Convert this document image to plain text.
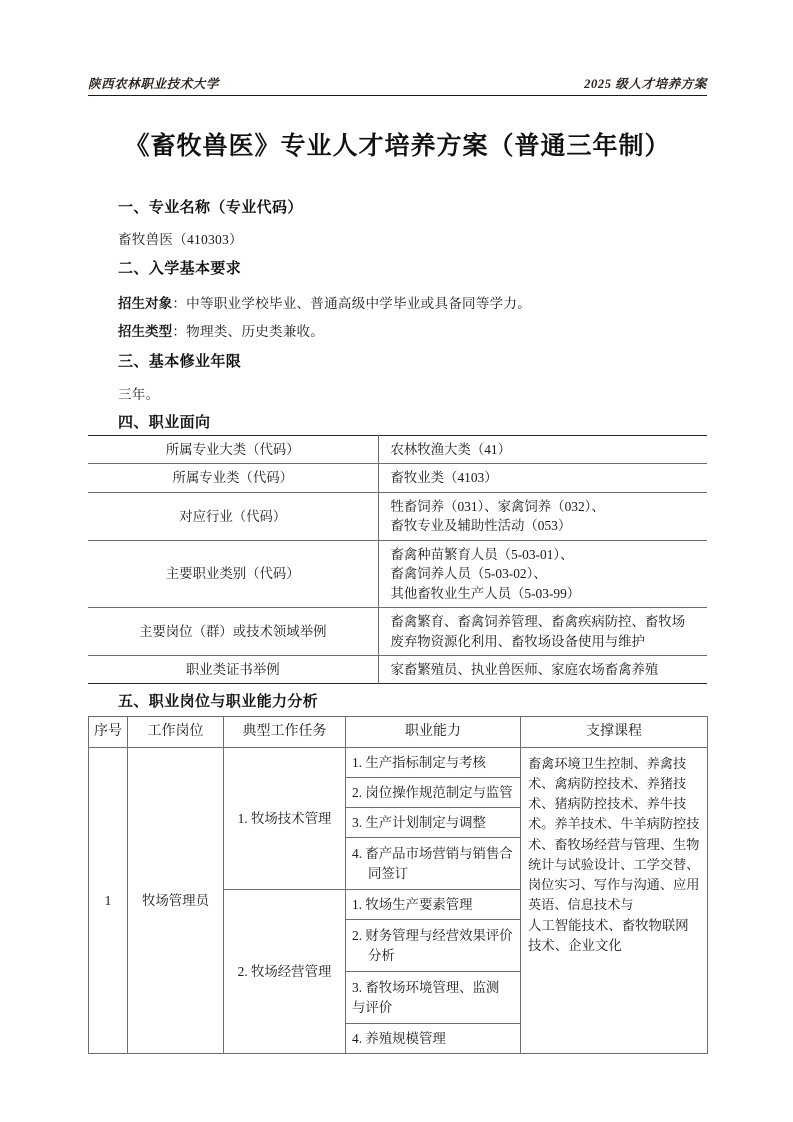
陕西农林职业技术大学	2025 级人才培养方案
《畜牧兽医》专业人才培养方案（普通三年制）
一、专业名称（专业代码）
畜牧兽医（410303）
二、入学基本要求
招生对象：中等职业学校毕业、普通高级中学毕业或具备同等学力。
招生类型：物理类、历史类兼收。
三、基本修业年限
三年。
四、职业面向
所属专业大类（代码）	农林牧渔大类（41）

所属专业类（代码）	畜牧业类（4103）

对应行业（代码）	牲畜饲养（031）、家禽饲养（032）、
畜牧专业及辅助性活动（053）

主要职业类别（代码）	畜禽种苗繁育人员（5-03-01）、
畜禽饲养人员（5-03-02）、
其他畜牧业生产人员（5-03-99）

主要岗位（群）或技术领域举例	畜禽繁育、畜禽饲养管理、畜禽疾病防控、畜牧场
废弃物资源化利用、畜牧场设备使用与维护

职业类证书举例	家畜繁殖员、执业兽医师、家庭农场畜禽养殖
五、职业岗位与职业能力分析
序号	工作岗位	典型工作任务	职业能力	支撑课程
1	牧场管理员	1. 牧场技术管理	1. 生产指标制定与考核	畜禽环境卫生控制、养禽技术、禽病防控技术、养猪技术、猪病防控技术、养牛技术。养羊技术、牛羊病防控技术、畜牧场经营与管理、生物统计与试验设计、工学交替、岗位实习、写作与沟通、应用英语、信息技术与
人工智能技术、畜牧物联网技术、企业文化

			2. 岗位操作规范制定与监管	

			3. 生产计划制定与调整	

			4. 畜产品市场营销与销售合
同签订	

		2. 牧场经营管理	1. 牧场生产要素管理	

			2. 财务管理与经营效果评价
分析	

			3. 畜牧场环境管理、监测
与评价	

			4. 养殖规模管理	
